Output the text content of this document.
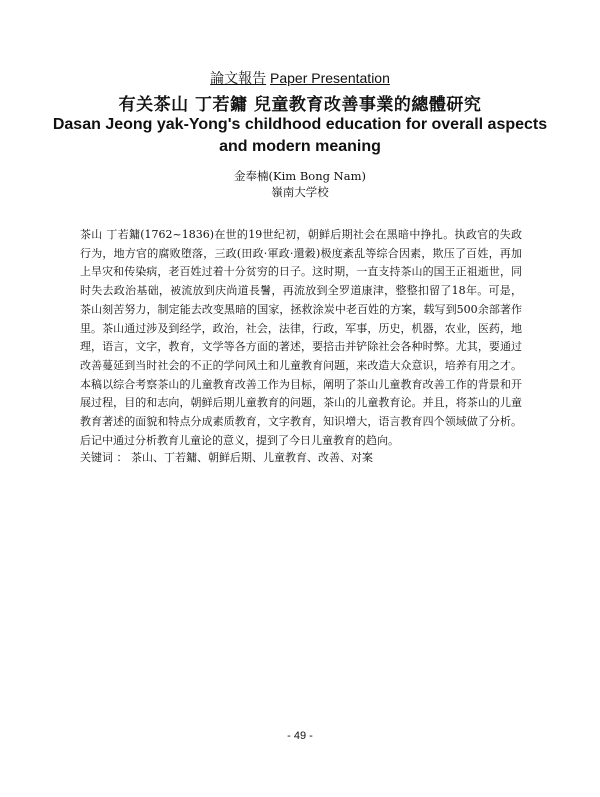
論文報告 Paper Presentation
有关茶山 丁若鏞 兒童教育改善事業的總體研究
Dasan Jeong yak-Yong's childhood education for overall aspects
and modern meaning
金奉楠(Kim Bong Nam)
嶺南大学校
茶山 丁若鏞(1762~1836)在世的19世纪初，朝鲜后期社会在黑暗中挣扎。执政官的失政行为，地方官的腐败堕落，三政(田政·軍政·還穀)极度紊乱等综合因素，欺压了百姓，再加上旱灾和传染病，老百姓过着十分贫穷的日子。这时期，一直支持茶山的国王正祖逝世，同时失去政治基础，被流放到庆尚道長鬐，再流放到全罗道康津，整整扣留了18年。可是，茶山刻苦努力，制定能去改变黑暗的国家，拯救涂炭中老百姓的方案，载写到500余部著作里。茶山通过涉及到经学，政治，社会，法律，行政，军事，历史，机器，农业，医药，地理，语言，文字，教育，文学等各方面的著述，要掊击并铲除社会各种时弊。尤其，要通过改善蔓延到当时社会的不正的学问风土和儿童教育问题，来改造大众意识，培养有用之才。本稿以综合考察茶山的儿童教育改善工作为目标，阐明了茶山儿童教育改善工作的背景和开展过程，目的和志向，朝鲜后期儿童教育的问题，茶山的儿童教育论。并且，将茶山的儿童教育著述的面貌和特点分成素质教育，文字教育，知识增大，语言教育四个领域做了分析。后记中通过分析教育儿童论的意义，提到了今日儿童教育的趋向。
关键词 ： 茶山、丁若鏞、朝鲜后期、儿童教育、改善、对案
- 49 -
